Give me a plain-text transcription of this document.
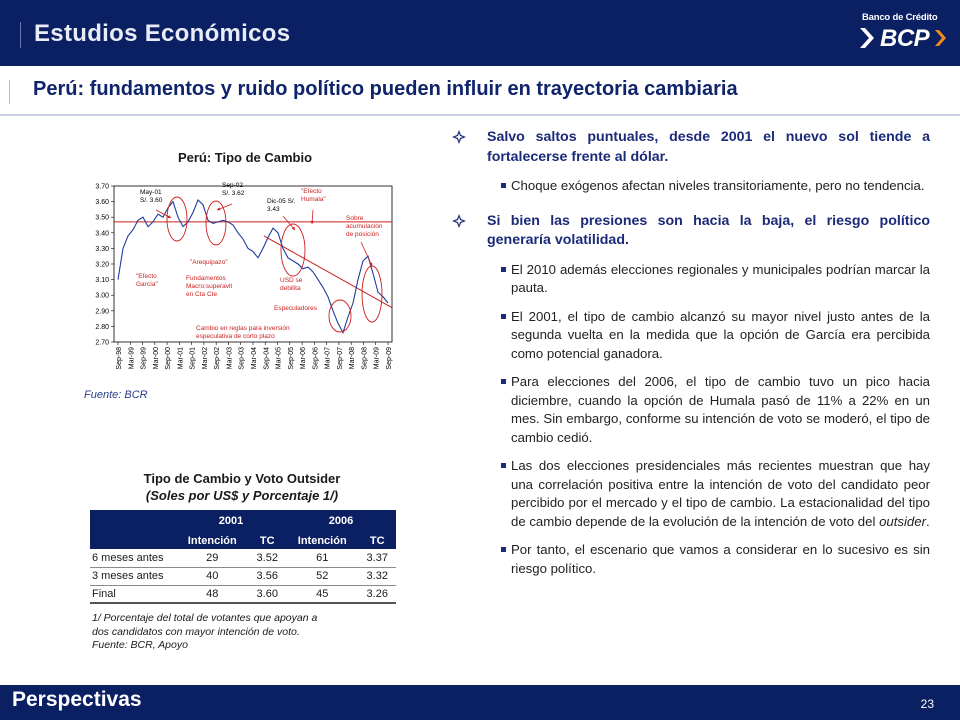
Estudios Económicos
Banco de Crédito
BCP
Perú: fundamentos y ruido político pueden influir en trayectoria cambiaria
Perú: Tipo de Cambio
3.70
3.60
3.50
3.40
3.30
3.20
3.10
3.00
2.90
2.80
2.70
Sep-98 Mar-99 Sep-99 Mar-00 Sep-00 Mar-01 Sep-01 Mar-02 Sep-02 Mar-03 Sep-03 Mar-04 Sep-04 Mar-05 Sep-05 Mar-06 Sep-06 Mar-07 Sep-07 Mar-08 Sep-08 Mar-09 Sep-09
May-01
S/. 3.60
Sep-02
S/. 3.62
Dic-05 S/.
3.43
"Efecto
Humala"
Sobre
acumulación
de posición
"Efecto
García"
"Arequipazo"
Fundamentos
Macro:superavit
en Cta Cte
USD se
debilita
Especuladores
Cambio en reglas para inversión
especulativa de corto plazo
Fuente: BCR
Tipo de Cambio y Voto Outsider
(Soles por US$ y Porcentaje 1/)
	2001		2006	
	Intención	TC	Intención	TC
6 meses antes	29	3.52	61	3.37
3 meses antes	40	3.56	52	3.32
Final	48	3.60	45	3.26
1/ Porcentaje del total de votantes que apoyan a
dos candidatos con mayor intención de voto.
Fuente: BCR, Apoyo
Salvo saltos puntuales, desde 2001 el nuevo sol tiende a fortalecerse frente al dólar.
Choque exógenos afectan niveles transitoriamente, pero no tendencia.
Si bien las presiones son hacia la baja, el riesgo político generaría volatilidad.
El 2010 además elecciones regionales y municipales podrían marcar la pauta.
El 2001, el tipo de cambio alcanzó su mayor nivel justo antes de la segunda vuelta en la medida que la opción de García era percibida como potencial ganadora.
Para elecciones del 2006, el tipo de cambio tuvo un pico hacia diciembre, cuando la opción de Humala pasó de 11% a 22% en un mes. Sin embargo, conforme su intención de voto se moderó, el tipo de cambio cedió.
Las dos elecciones presidenciales más recientes muestran que hay una correlación positiva entre la intención de voto del candidato peor percibido por el mercado y el tipo de cambio. La estacionalidad del tipo de cambio depende de la evolución de la intención de voto del outsider.
Por tanto, el escenario que vamos a considerar en lo sucesivo es sin riesgo político.
Perspectivas	23
